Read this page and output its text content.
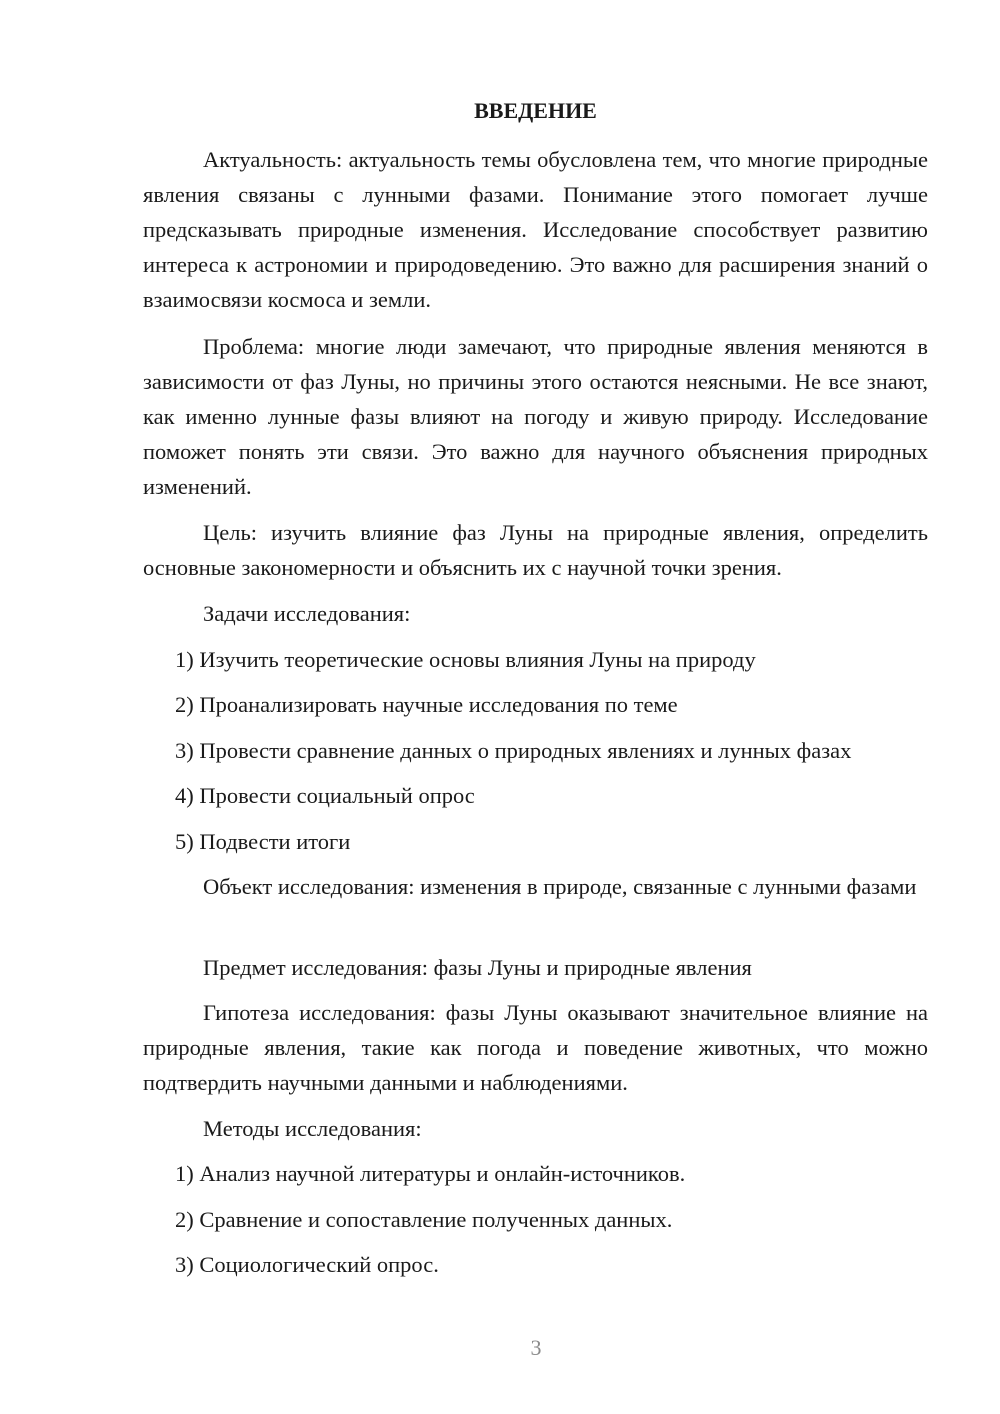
ВВЕДЕНИЕ

Актуальность: актуальность темы обусловлена тем, что многие природные явления связаны с лунными фазами. Понимание этого помогает лучше предсказывать природные изменения. Исследование способствует развитию интереса к астрономии и природоведению. Это важно для расширения знаний о взаимосвязи космоса и земли.

Проблема: многие люди замечают, что природные явления меняются в зависимости от фаз Луны, но причины этого остаются неясными. Не все знают, как именно лунные фазы влияют на погоду и живую природу. Исследование поможет понять эти связи. Это важно для научного объяснения природных изменений.

Цель: изучить влияние фаз Луны на природные явления, определить основные закономерности и объяснить их с научной точки зрения.

Задачи исследования:
1) Изучить теоретические основы влияния Луны на природу
2) Проанализировать научные исследования по теме
3) Провести сравнение данных о природных явлениях и лунных фазах
4) Провести социальный опрос
5) Подвести итоги

Объект исследования: изменения в природе, связанные с лунными фазами

Предмет исследования: фазы Луны и природные явления

Гипотеза исследования: фазы Луны оказывают значительное влияние на природные явления, такие как погода и поведение животных, что можно подтвердить научными данными и наблюдениями.

Методы исследования:
1) Анализ научной литературы и онлайн-источников.
2) Сравнение и сопоставление полученных данных.
3) Социологический опрос.
3
